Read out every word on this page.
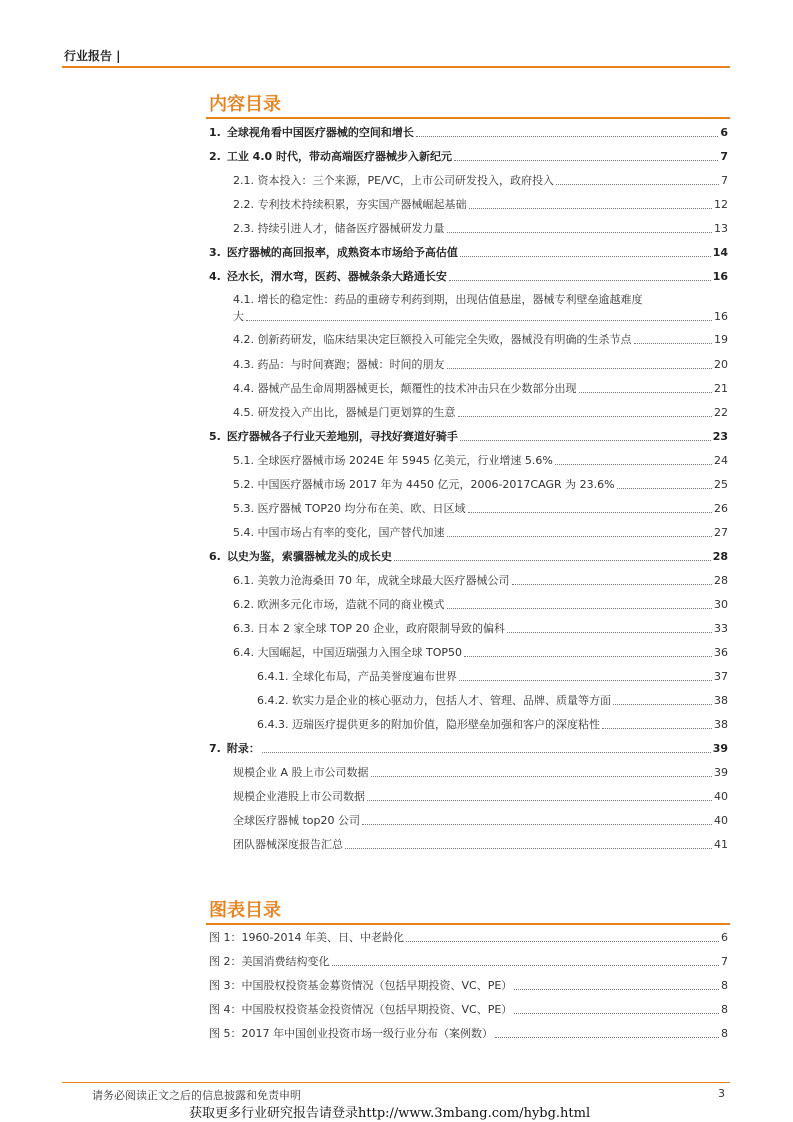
行业报告 |
内容目录
1. 全球视角看中国医疗器械的空间和增长	6
2. 工业 4.0 时代，带动高端医疗器械步入新纪元	7
2.1. 资本投入：三个来源，PE/VC，上市公司研发投入，政府投入	7
2.2. 专利技术持续积累，夯实国产器械崛起基础	12
2.3. 持续引进人才，储备医疗器械研发力量	13
3. 医疗器械的高回报率，成熟资本市场给予高估值	14
4. 泾水长，渭水弯，医药、器械条条大路通长安	16
4.1. 增长的稳定性：药品的重磅专利药到期，出现估值悬崖，器械专利壁垒逾越难度
大	16
4.2. 创新药研发，临床结果决定巨额投入可能完全失败，器械没有明确的生杀节点	19
4.3. 药品：与时间赛跑；器械：时间的朋友	20
4.4. 器械产品生命周期器械更长，颠覆性的技术冲击只在少数部分出现	21
4.5. 研发投入产出比，器械是门更划算的生意	22
5. 医疗器械各子行业天差地别，寻找好赛道好骑手	23
5.1. 全球医疗器械市场 2024E 年 5945 亿美元，行业增速 5.6%	24
5.2. 中国医疗器械市场 2017 年为 4450 亿元，2006-2017CAGR 为 23.6%	25
5.3. 医疗器械 TOP20 均分布在美、欧、日区域	26
5.4. 中国市场占有率的变化，国产替代加速	27
6. 以史为鉴，索骥器械龙头的成长史	28
6.1. 美敦力沧海桑田 70 年，成就全球最大医疗器械公司	28
6.2. 欧洲多元化市场，造就不同的商业模式	30
6.3. 日本 2 家全球 TOP 20 企业，政府限制导致的偏科	33
6.4. 大国崛起，中国迈瑞强力入围全球 TOP50	36
6.4.1. 全球化布局，产品美誉度遍布世界	37
6.4.2. 软实力是企业的核心驱动力，包括人才、管理、品牌、质量等方面	38
6.4.3. 迈瑞医疗提供更多的附加价值，隐形壁垒加强和客户的深度粘性	38
7. 附录：	39
规模企业 A 股上市公司数据	39
规模企业港股上市公司数据	40
全球医疗器械 top20 公司	40
团队器械深度报告汇总	41
图表目录
图 1：1960-2014 年美、日、中老龄化	6
图 2：美国消费结构变化	7
图 3：中国股权投资基金募资情况（包括早期投资、VC、PE）	8
图 4：中国股权投资基金投资情况（包括早期投资、VC、PE）	8
图 5：2017 年中国创业投资市场一级行业分布（案例数）	8
请务必阅读正文之后的信息披露和免责申明	3
获取更多行业研究报告请登录http://www.3mbang.com/hybg.html
